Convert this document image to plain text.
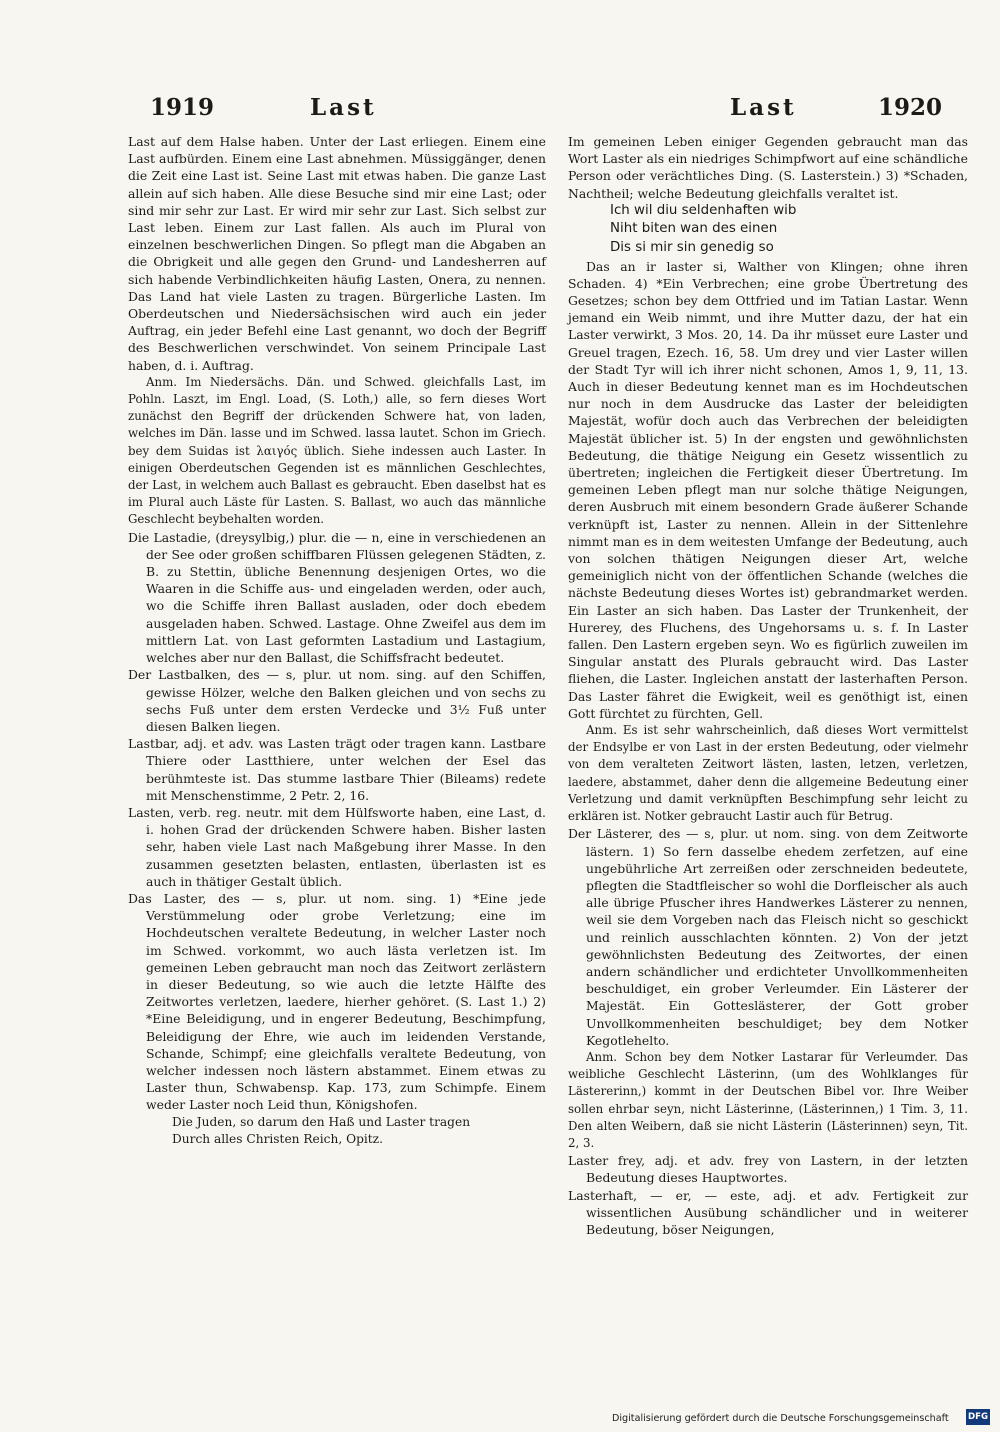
1919	Last	Last	1920

Last auf dem Halse haben. Unter der Last erliegen. Einem eine Last aufbürden. Einem eine Last abnehmen. Müssiggänger, denen die Zeit eine Last ist. Seine Last mit etwas haben. Die ganze Last allein auf sich haben. Alle diese Besuche sind mir eine Last; oder sind mir sehr zur Last. Er wird mir sehr zur Last. Sich selbst zur Last leben. Einem zur Last fallen. Als auch im Plural von einzelnen beschwerlichen Dingen. So pflegt man die Abgaben an die Obrigkeit und alle gegen den Grund- und Landesherren auf sich habende Verbindlichkeiten häufig Lasten, Onera, zu nennen. Das Land hat viele Lasten zu tragen. Bürgerliche Lasten. Im Oberdeutschen und Niedersächsischen wird auch ein jeder Auftrag, ein jeder Befehl eine Last genannt, wo doch der Begriff des Beschwerlichen verschwindet. Von seinem Principale Last haben, d. i. Auftrag.

Anm. Im Niedersächs. Dän. und Schwed. gleichfalls Last, im Pohln. Laszt, im Engl. Load, (S. Loth,) alle, so fern dieses Wort zunächst den Begriff der drückenden Schwere hat, von laden, welches im Dän. lasse und im Schwed. lassa lautet. Schon im Griech. bey dem Suidas ist λαιγός üblich. Siehe indessen auch Laster. In einigen Oberdeutschen Gegenden ist es männlichen Geschlechtes, der Last, in welchem auch Ballast es gebraucht. Eben daselbst hat es im Plural auch Läste für Lasten. S. Ballast, wo auch das männliche Geschlecht beybehalten worden.

Die Lastadie, (dreysylbig,) plur. die — n, eine in verschiedenen an der See oder großen schiffbaren Flüssen gelegenen Städten, z. B. zu Stettin, übliche Benennung desjenigen Ortes, wo die Waaren in die Schiffe aus- und eingeladen werden, oder auch, wo die Schiffe ihren Ballast ausladen, oder doch ebedem ausgeladen haben. Schwed. Lastage. Ohne Zweifel aus dem im mittlern Lat. von Last geformten Lastadium und Lastagium, welches aber nur den Ballast, die Schiffsfracht bedeutet.

Der Lastbalken, des — s, plur. ut nom. sing. auf den Schiffen, gewisse Hölzer, welche den Balken gleichen und von sechs zu sechs Fuß unter dem ersten Verdecke und 3½ Fuß unter diesen Balken liegen.

Lastbar, adj. et adv. was Lasten trägt oder tragen kann. Lastbare Thiere oder Lastthiere, unter welchen der Esel das berühmteste ist. Das stumme lastbare Thier (Bileams) redete mit Menschenstimme, 2 Petr. 2, 16.

Lasten, verb. reg. neutr. mit dem Hülfsworte haben, eine Last, d. i. hohen Grad der drückenden Schwere haben. Bisher lasten sehr, haben viele Last nach Maßgebung ihrer Masse. In den zusammen gesetzten belasten, entlasten, überlasten ist es auch in thätiger Gestalt üblich.

Das Laster, des — s, plur. ut nom. sing. 1) *Eine jede Verstümmelung oder grobe Verletzung; eine im Hochdeutschen veraltete Bedeutung, in welcher Laster noch im Schwed. vorkommt, wo auch lästa verletzen ist. Im gemeinen Leben gebraucht man noch das Zeitwort zerlästern in dieser Bedeutung, so wie auch die letzte Hälfte des Zeitwortes verletzen, laedere, hierher gehöret. (S. Last 1.) 2) *Eine Beleidigung, und in engerer Bedeutung, Beschimpfung, Beleidigung der Ehre, wie auch im leidenden Verstande, Schande, Schimpf; eine gleichfalls veraltete Bedeutung, von welcher indessen noch lästern abstammet. Einem etwas zu Laster thun, Schwabensp. Kap. 173, zum Schimpfe. Einem weder Laster noch Leid thun, Königshofen.

Die Juden, so darum den Haß und Laster tragen

Durch alles Christen Reich, Opitz.

Im gemeinen Leben einiger Gegenden gebraucht man das Wort Laster als ein niedriges Schimpfwort auf eine schändliche Person oder verächtliches Ding. (S. Lasterstein.) 3) *Schaden, Nachtheil; welche Bedeutung gleichfalls veraltet ist.

Ich wil diu seldenhaften wib

Niht biten wan des einen

Dis si mir sin genedig so

Das an ir laster si, Walther von Klingen; ohne ihren Schaden. 4) *Ein Verbrechen; eine grobe Übertretung des Gesetzes; schon bey dem Ottfried und im Tatian Lastar. Wenn jemand ein Weib nimmt, und ihre Mutter dazu, der hat ein Laster verwirkt, 3 Mos. 20, 14. Da ihr müsset eure Laster und Greuel tragen, Ezech. 16, 58. Um drey und vier Laster willen der Stadt Tyr will ich ihrer nicht schonen, Amos 1, 9, 11, 13. Auch in dieser Bedeutung kennet man es im Hochdeutschen nur noch in dem Ausdrucke das Laster der beleidigten Majestät, wofür doch auch das Verbrechen der beleidigten Majestät üblicher ist. 5) In der engsten und gewöhnlichsten Bedeutung, die thätige Neigung ein Gesetz wissentlich zu übertreten; ingleichen die Fertigkeit dieser Übertretung. Im gemeinen Leben pflegt man nur solche thätige Neigungen, deren Ausbruch mit einem besondern Grade äußerer Schande verknüpft ist, Laster zu nennen. Allein in der Sittenlehre nimmt man es in dem weitesten Umfange der Bedeutung, auch von solchen thätigen Neigungen dieser Art, welche gemeiniglich nicht von der öffentlichen Schande (welches die nächste Bedeutung dieses Wortes ist) gebrandmarket werden. Ein Laster an sich haben. Das Laster der Trunkenheit, der Hurerey, des Fluchens, des Ungehorsams u. s. f. In Laster fallen. Den Lastern ergeben seyn. Wo es figürlich zuweilen im Singular anstatt des Plurals gebraucht wird. Das Laster fliehen, die Laster. Ingleichen anstatt der lasterhaften Person. Das Laster fähret die Ewigkeit, weil es genöthigt ist, einen Gott fürchtet zu fürchten, Gell.

Anm. Es ist sehr wahrscheinlich, daß dieses Wort vermittelst der Endsylbe er von Last in der ersten Bedeutung, oder vielmehr von dem veralteten Zeitwort lästen, lasten, letzen, verletzen, laedere, abstammet, daher denn die allgemeine Bedeutung einer Verletzung und damit verknüpften Beschimpfung sehr leicht zu erklären ist. Notker gebraucht Lastir auch für Betrug.

Der Lästerer, des — s, plur. ut nom. sing. von dem Zeitworte lästern. 1) So fern dasselbe ehedem zerfetzen, auf eine ungebührliche Art zerreißen oder zerschneiden bedeutete, pflegten die Stadtfleischer so wohl die Dorfleischer als auch alle übrige Pfuscher ihres Handwerkes Lästerer zu nennen, weil sie dem Vorgeben nach das Fleisch nicht so geschickt und reinlich ausschlachten könnten. 2) Von der jetzt gewöhnlichsten Bedeutung des Zeitwortes, der einen andern schändlicher und erdichteter Unvollkommenheiten beschuldiget, ein grober Verleumder. Ein Lästerer der Majestät. Ein Gotteslästerer, der Gott grober Unvollkommenheiten beschuldiget; bey dem Notker Kegotlehelto.

Anm. Schon bey dem Notker Lastarar für Verleumder. Das weibliche Geschlecht Lästerinn, (um des Wohlklanges für Lästererinn,) kommt in der Deutschen Bibel vor. Ihre Weiber sollen ehrbar seyn, nicht Lästerinne, (Lästerinnen,) 1 Tim. 3, 11. Den alten Weibern, daß sie nicht Lästerin (Lästerinnen) seyn, Tit. 2, 3.

Laster frey, adj. et adv. frey von Lastern, in der letzten Bedeutung dieses Hauptwortes.

Lasterhaft, — er, — este, adj. et adv. Fertigkeit zur wissentlichen Ausübung schändlicher und in weiterer Bedeutung, böser Neigungen,

Digitalisierung gefördert durch die Deutsche Forschungsgemeinschaft DFG
